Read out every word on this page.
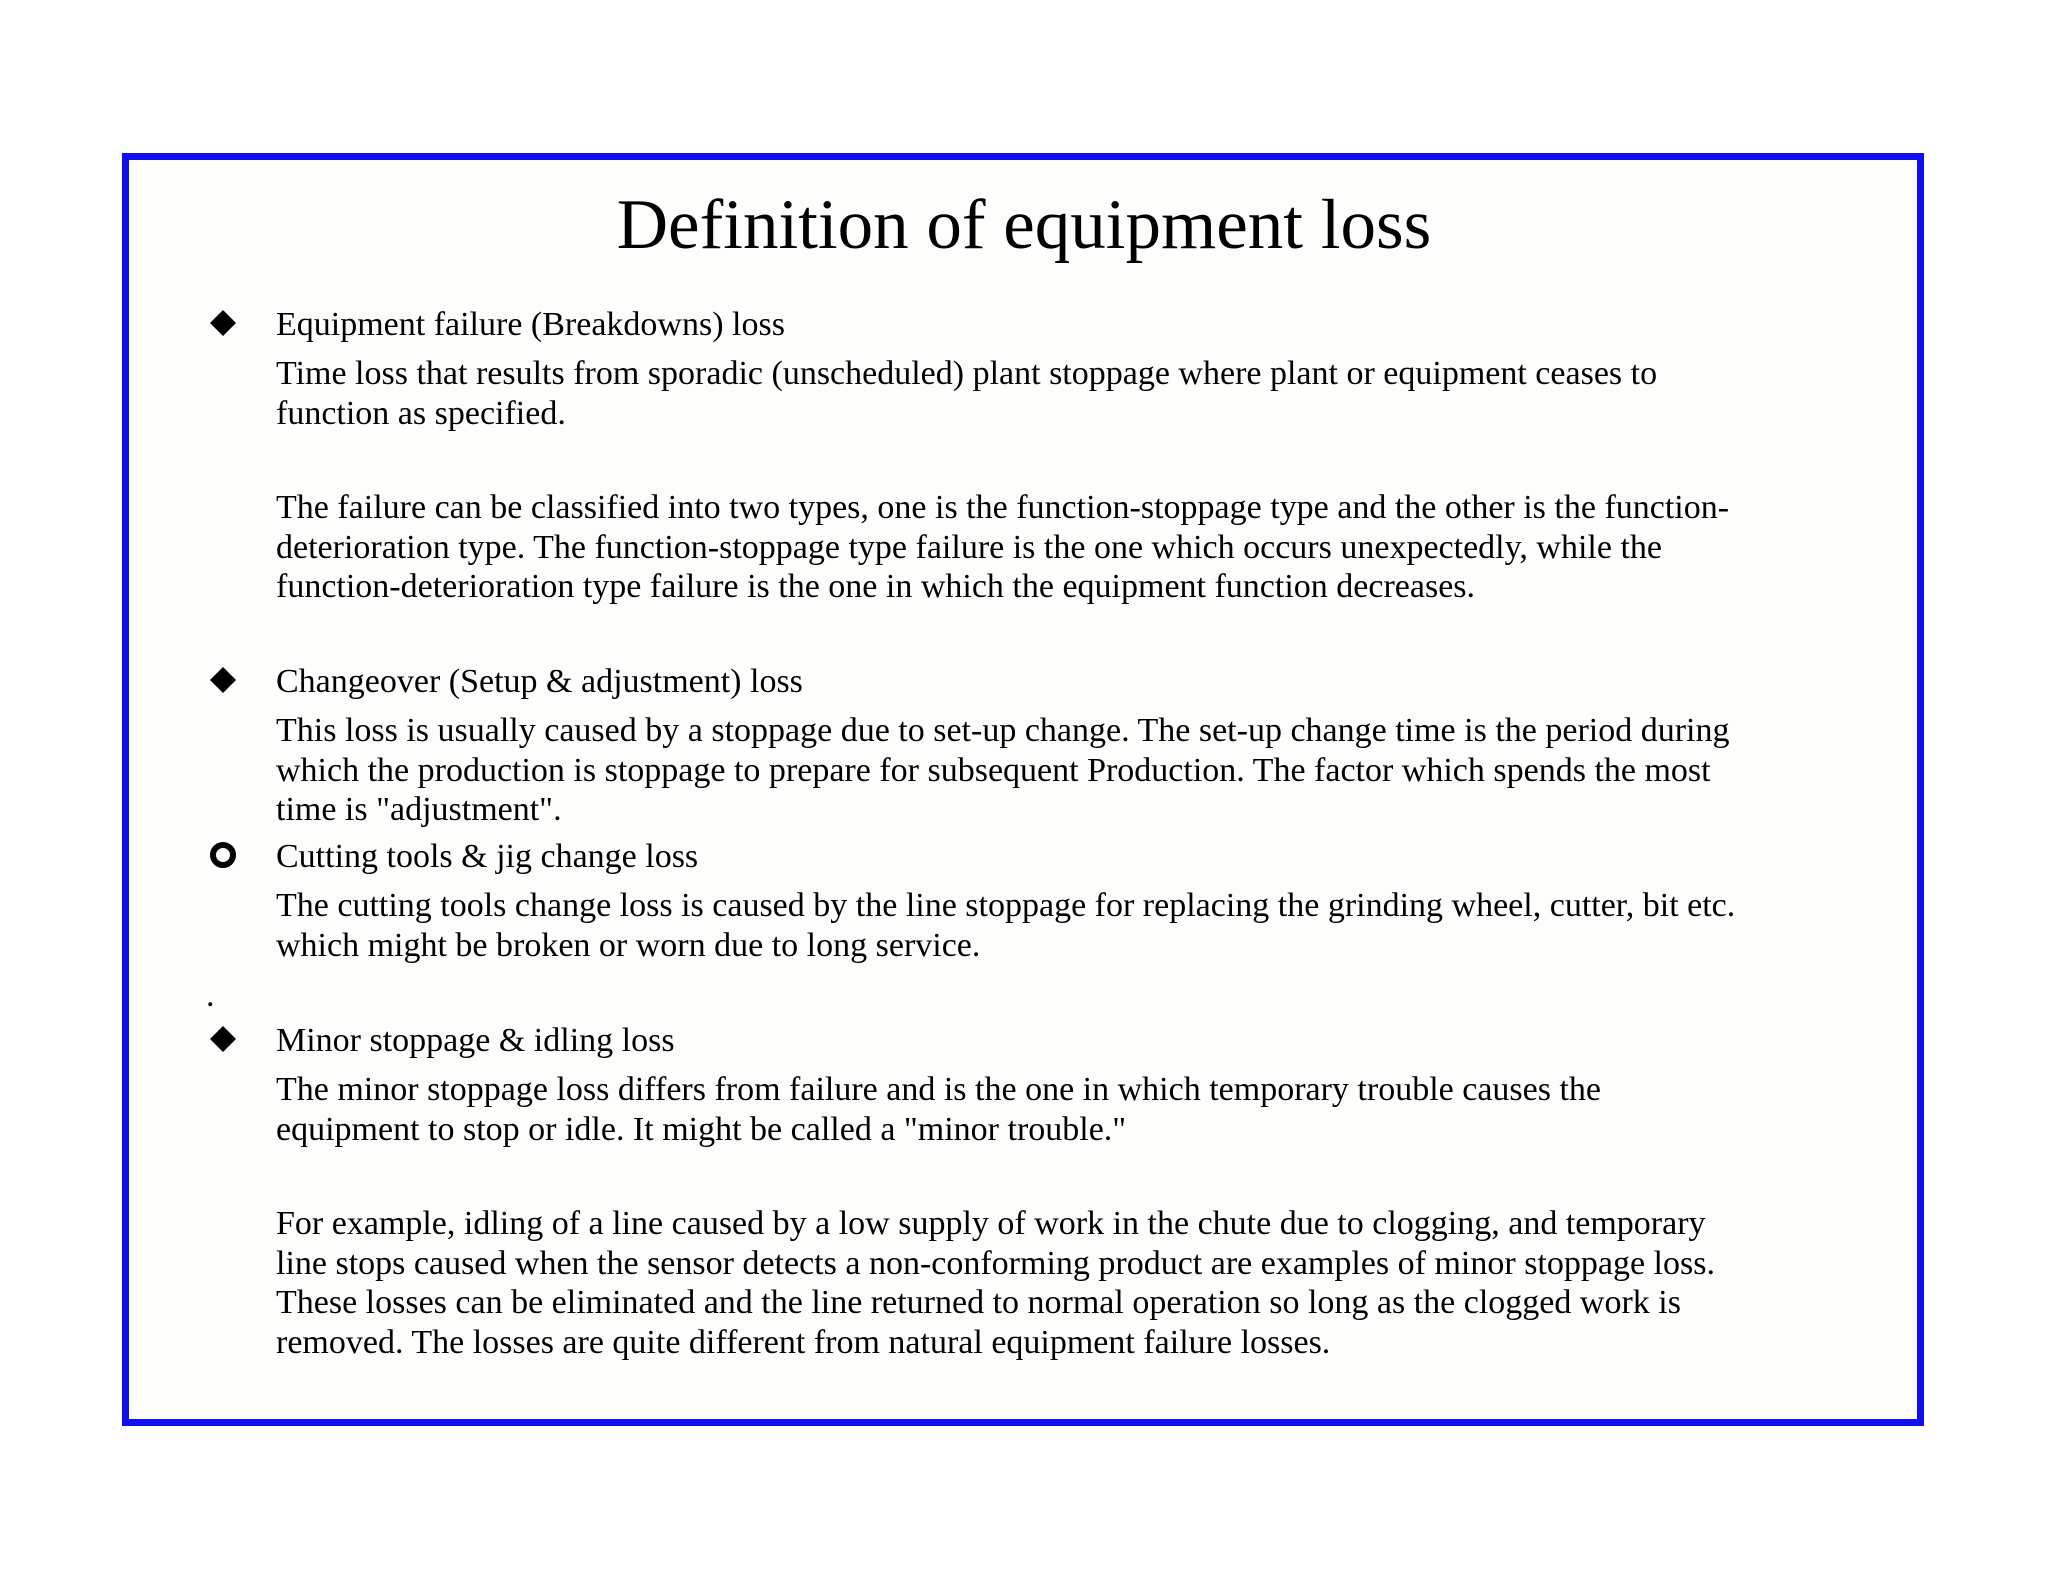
Definition of equipment loss
Equipment failure (Breakdowns) loss
Time loss that results from sporadic (unscheduled) plant stoppage where plant or equipment ceases to
function as specified.
The failure can be classified into two types, one is the function-stoppage type and the other is the function-
deterioration type. The function-stoppage type failure is the one which occurs unexpectedly, while the
function-deterioration type failure is the one in which the equipment function decreases.
Changeover (Setup & adjustment) loss
This loss is usually caused by a stoppage due to set-up change. The set-up change time is the period during
which the production is stoppage to prepare for subsequent Production. The factor which spends the most
time is "adjustment".
Cutting tools & jig change loss
The cutting tools change loss is caused by the line stoppage for replacing the grinding wheel, cutter, bit etc.
which might be broken or worn due to long service.
.
Minor stoppage & idling loss
The minor stoppage loss differs from failure and is the one in which temporary trouble causes the
equipment to stop or idle. It might be called a "minor trouble."
For example, idling of a line caused by a low supply of work in the chute due to clogging, and temporary
line stops caused when the sensor detects a non-conforming product are examples of minor stoppage loss.
These losses can be eliminated and the line returned to normal operation so long as the clogged work is
removed. The losses are quite different from natural equipment failure losses.
